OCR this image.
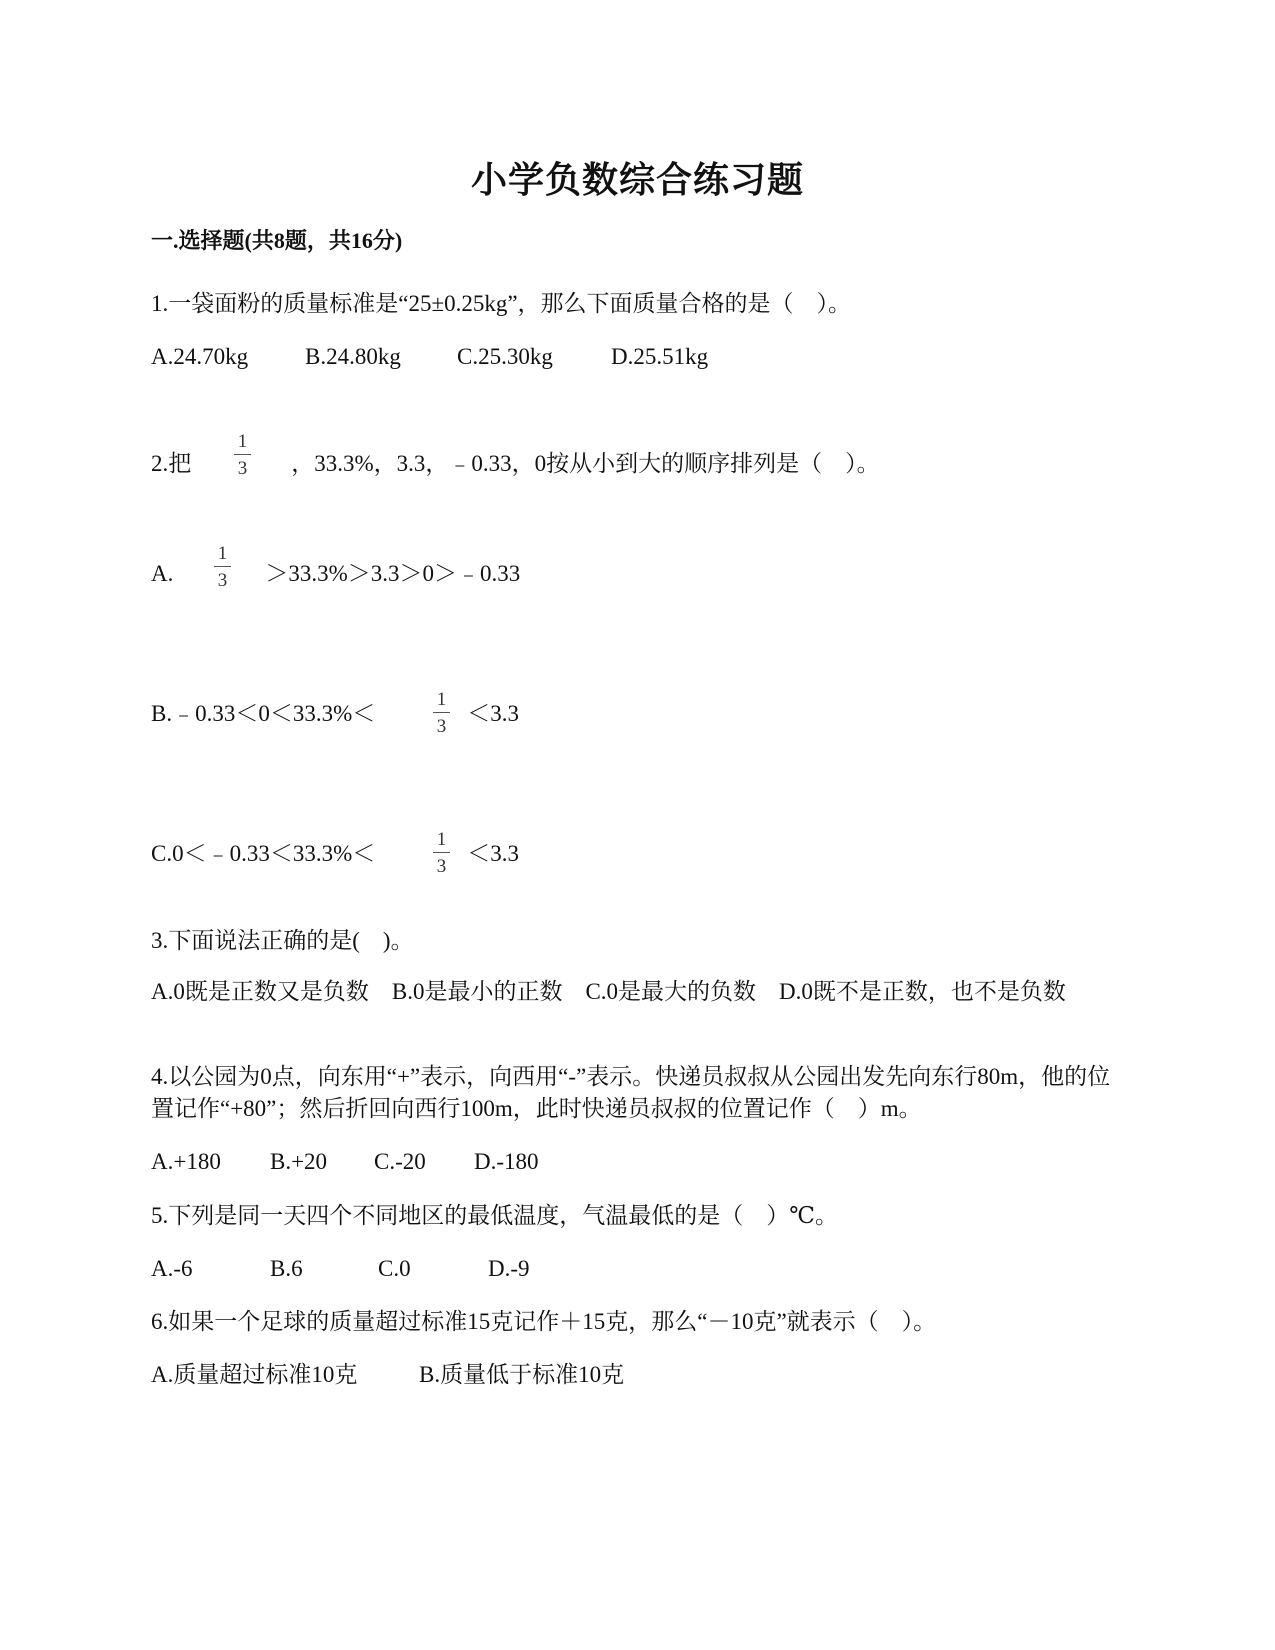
小学负数综合练习题
一.选择题(共8题，共16分)
1.一袋面粉的质量标准是“25±0.25kg”，那么下面质量合格的是（　）。
A.24.70kg B.24.80kg C.25.30kg	D.25.51kg
2.把	，33.3%，3.3，﹣0.33，0按从小到大的顺序排列是（　）。
1
3
A.	＞33.3%＞3.3＞0＞﹣0.33
1
3
B.﹣0.33＜0＜33.3%＜	＜3.3
1
3
C.0＜﹣0.33＜33.3%＜	＜3.3
1
3
3.下面说法正确的是(　)。
A.0既是正数又是负数　B.0是最小的正数　C.0是最大的负数　D.0既不是正数，也不是负数
4.以公园为0点，向东用“+”表示，向西用“-”表示。快递员叔叔从公园出发先向东行80m，他的位置记作“+80”；然后折回向西行100m，此时快递员叔叔的位置记作（　）m。
A.+180 B.+20 C.-20 D.-180
5.下列是同一天四个不同地区的最低温度，气温最低的是（　）℃。
A.-6	B.6	C.0	D.-9
6.如果一个足球的质量超过标准15克记作＋15克，那么“－10克”就表示（　）。
A.质量超过标准10克	B.质量低于标准10克
